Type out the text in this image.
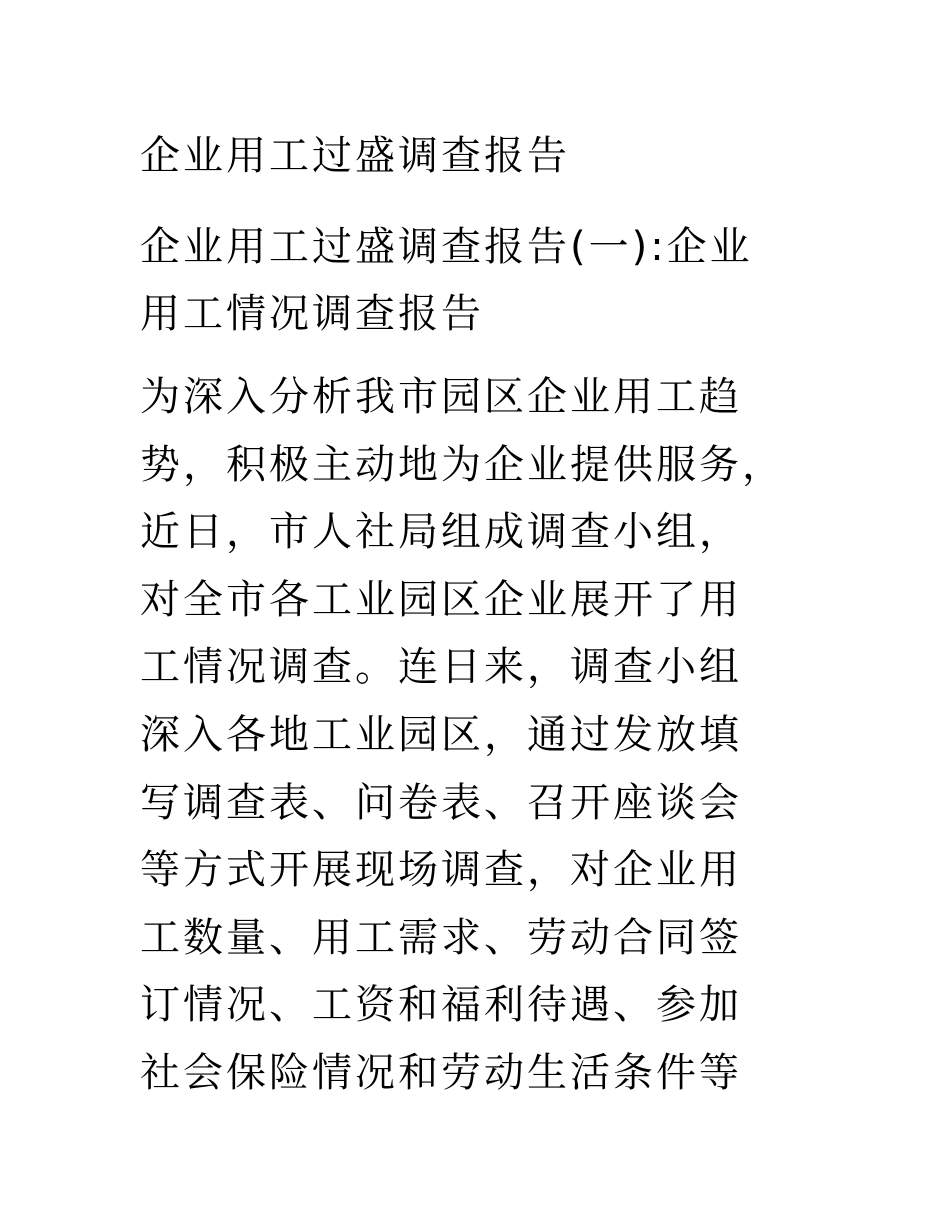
企业用工过盛调查报告
企业用工过盛调查报告(一):企业
用工情况调查报告

为深入分析我市园区企业用工趋
势，积极主动地为企业提供服务，
近日，市人社局组成调查小组，
对全市各工业园区企业展开了用
工情况调查。连日来，调查小组
深入各地工业园区，通过发放填
写调查表、问卷表、召开座谈会
等方式开展现场调查，对企业用
工数量、用工需求、劳动合同签
订情况、工资和福利待遇、参加
社会保险情况和劳动生活条件等
